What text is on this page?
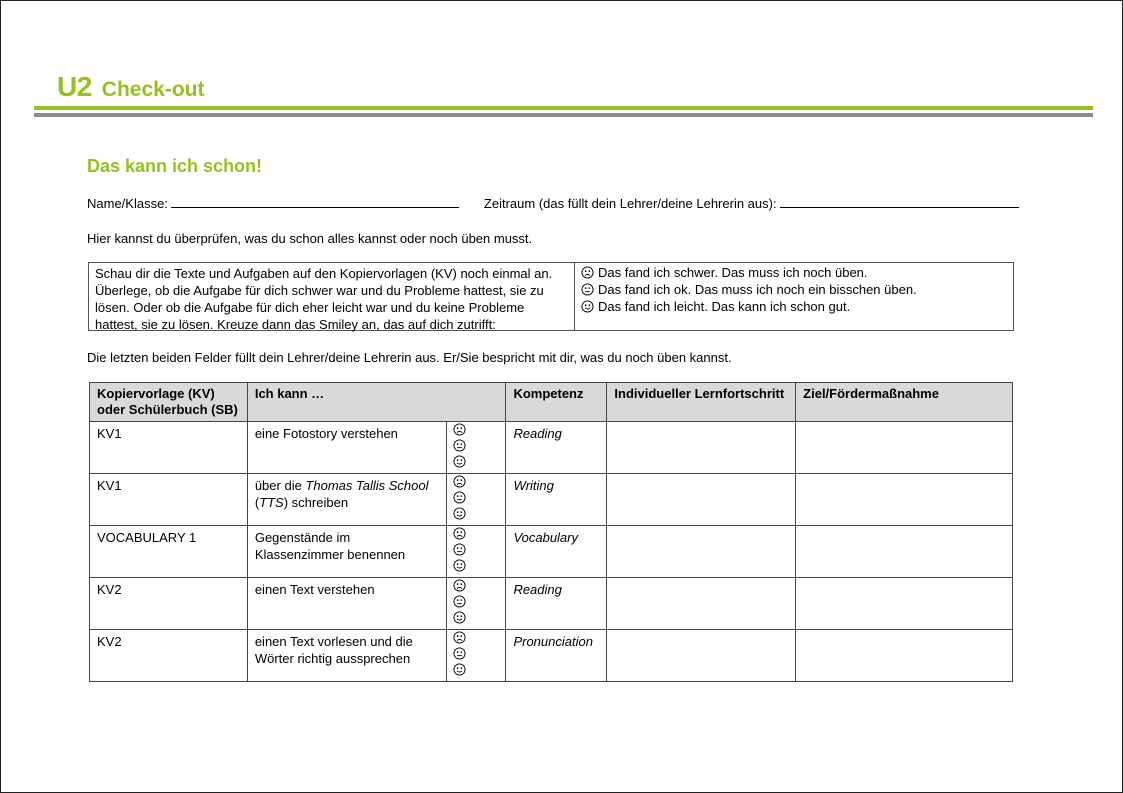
U2 Check-out
Das kann ich schon!
Name/Klasse:	Zeitraum (das füllt dein Lehrer/deine Lehrerin aus):
Hier kannst du überprüfen, was du schon alles kannst oder noch üben musst.
Schau dir die Texte und Aufgaben auf den Kopiervorlagen (KV) noch einmal an. Überlege, ob die Aufgabe für dich schwer war und du Probleme hattest, sie zu lösen. Oder ob die Aufgabe für dich eher leicht war und du keine Probleme hattest, sie zu lösen. Kreuze dann das Smiley an, das auf dich zutrifft:
Das fand ich schwer. Das muss ich noch üben.
Das fand ich ok. Das muss ich noch ein bisschen üben.
Das fand ich leicht. Das kann ich schon gut.
Die letzten beiden Felder füllt dein Lehrer/deine Lehrerin aus. Er/Sie bespricht mit dir, was du noch üben kannst.
Kopiervorlage (KV)
oder Schülerbuch (SB)	Ich kann …		Kompetenz	Individueller Lernfortschritt	Ziel/Fördermaßnahme
KV1	eine Fotostory verstehen		Reading		
KV1	über die Thomas Tallis School (TTS) schreiben		Writing		
VOCABULARY 1	Gegenstände im Klassenzimmer benennen		Vocabulary		
KV2	einen Text verstehen		Reading		
KV2	einen Text vorlesen und die Wörter richtig aussprechen		Pronunciation		
